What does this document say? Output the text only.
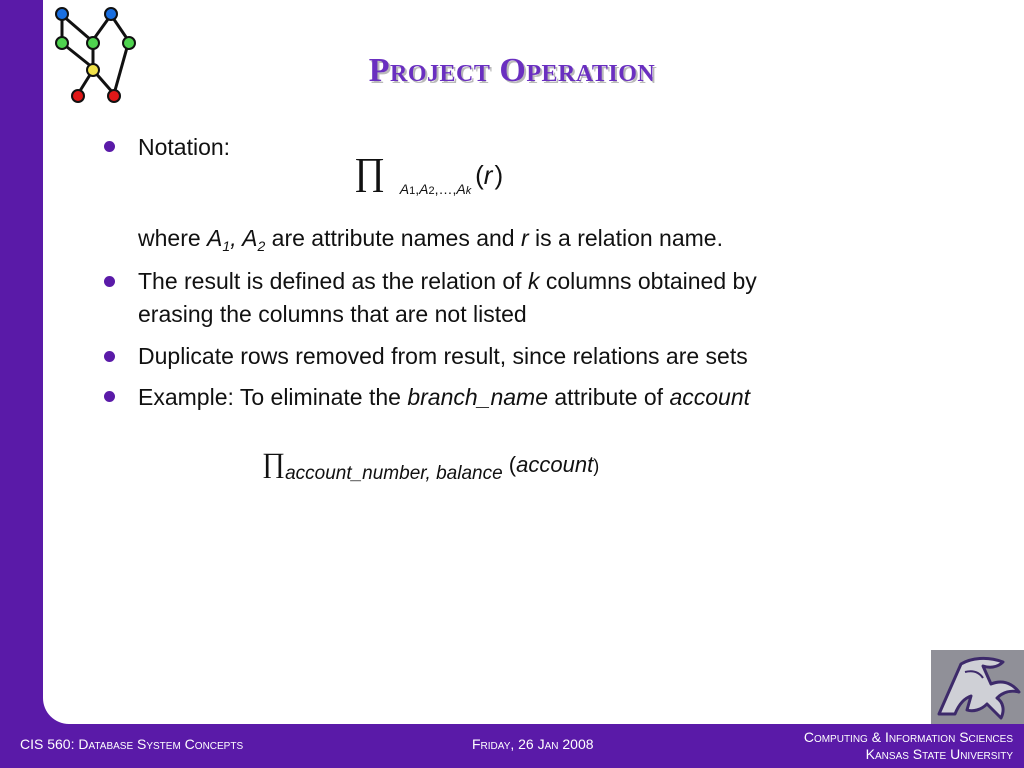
Project Operation
Notation:
∏ A1,A2,…,Ak (r)
where $A_1$, $A_2$ are attribute names and r is a relation name.
The result is defined as the relation of k columns obtained by
erasing the columns that are not listed
Duplicate rows removed from result, since relations are sets
Example: To eliminate the branch_name attribute of account
∏account_number, balance (account)
CIS 560: Database System Concepts	Friday, 26 Jan 2008	Computing & Information Sciences
Kansas State University
